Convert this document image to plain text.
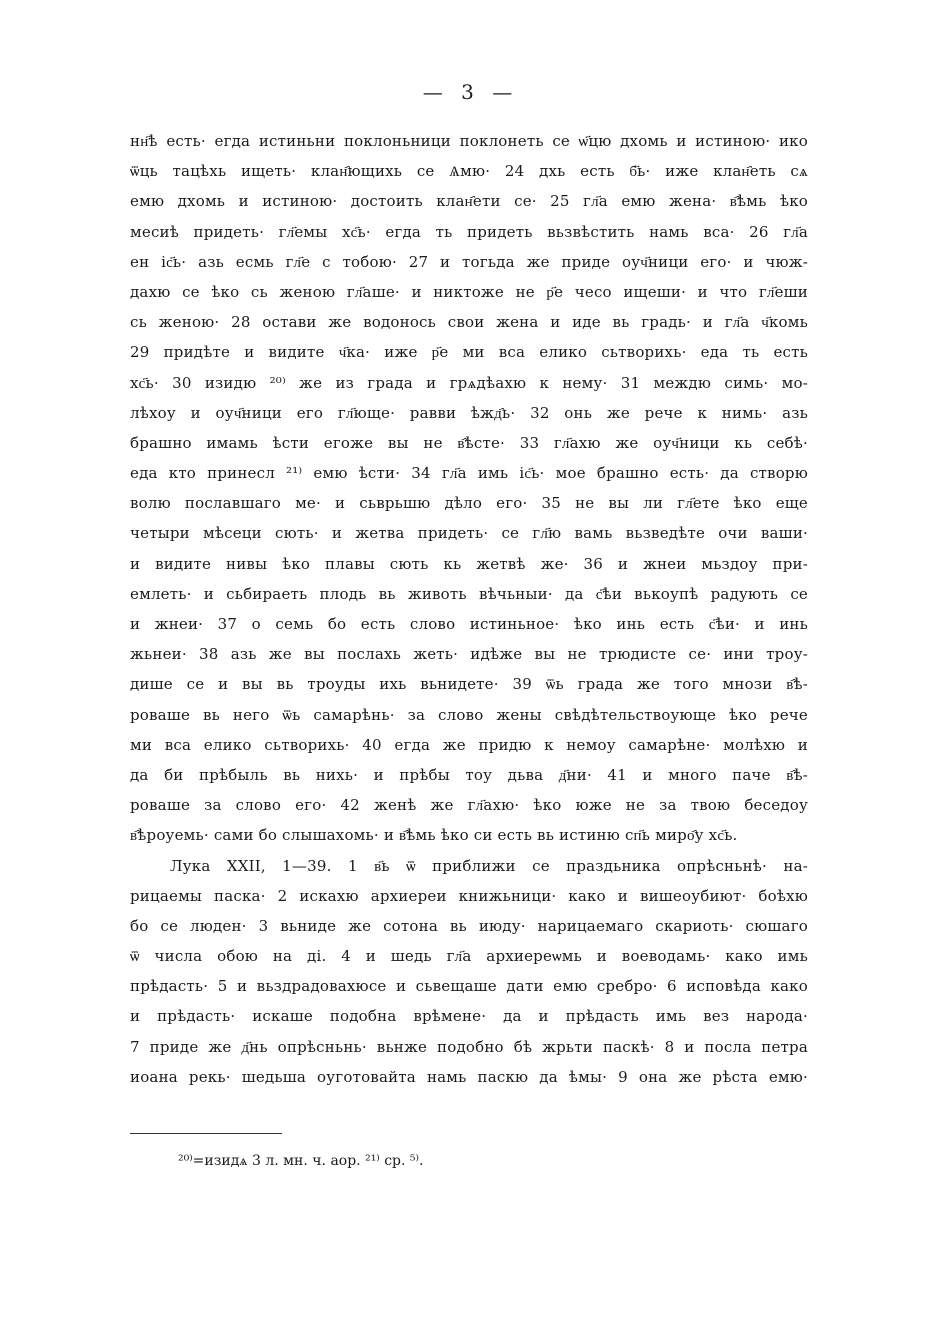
— 3 —
нн҃ѣ есть· егда истиньни поклоньници поклонеть се ѡ҃цю дхомь и истиною· ико
ѿць тацѣхь ищеть· клан҄ющихь се Ѧмю· 24 дхь есть б҃ь· иже клан҄еть сѧ
емю дхомь и истиною· достоить клан҄ети се· 25 гл҃а емю жена· в҄ѣмь ѣко
месиѣ придеть· гл҃емы хс҃ь· егда ть придеть вьзвѣстить намь вса· 26 гл҃а
ен іс҃ь· азь есмь гл҃е с тобою· 27 и тогьда же приде оуч҃ници его· и чюж-
дахю се ѣко сь женою гл҃аше· и никтоже не р҃е чесо ищеши· и что гл҃еши
сь женою· 28 остави же водонось свои жена и иде вь градь· и гл҃а ч҃комь
29 придѣте и видите ч҃ка· иже р҃е ми вса елико сьтворихь· еда ть есть
хс҃ь· 30 изидю ²⁰⁾ же из града и грѧдѣахю к нему· 31 междю симь· мо-
лѣхоу и оуч҃ници его гл҃юще· равви ѣжд҄ь· 32 онь же рече к нимь· азь
брашно имамь ѣсти егоже вы не в҄ѣсте· 33 гл҃ахю же оуч҃ници кь себѣ·
еда кто принесл ²¹⁾ емю ѣсти· 34 гл҃а имь іс҃ь· мое брашно есть· да створю
волю пославшаго ме· и сьврьшю дѣло его· 35 не вы ли гл҃ете ѣко еще
четыри мѣсеци сють· и жетва придеть· се гл҃ю вамь вьзведѣте очи ваши·
и видите нивы ѣко плавы сють кь жетвѣ же· 36 и жнеи мьздоу при-
емлеть· и сьбираеть плодь вь животь вѣчьныи· да с҃ѣи вькоупѣ радують се
и жнеи· 37 о семь бо есть слово истиньное· ѣко инь есть с҃ѣи· и инь
жьнеи· 38 азь же вы послахь жеть· идѣже вы не трюдисте се· ини троу-
дише се и вы вь троуды ихь вьнидете· 39 ѿь града же того мнози в҄ѣ-
роваше вь него ѿь самарѣнь· за слово жены свѣдѣтельствоующе ѣко рече
ми вса елико сьтворихь· 40 егда же придю к немоу самарѣне· молѣхю и
да би прѣбыль вь нихь· и прѣбы тоу дьва д҃ни· 41 и много паче в҄ѣ-
роваше за слово его· 42 женѣ же гл҃ахю· ѣко юже не за твою беседоу
в҄ѣроуемь· сами бо слышахомь· и в҄ѣмь ѣко си есть вь истиню сп҃ь миро҄у хс҃ь.
Лука XXII, 1—39. 1 в҃ь ѿ приближи се праздьника опрѣсньнѣ· на-
рицаемы паска· 2 искахю архиереи книжьници· како и вишеоубиют· боѣхю
бо се люден· 3 вьниде же сотона вь июду· нарицаемаго скариоть· сюшаго
ѿ числа обою на ді. 4 и шедь гл҃а архиереѡмь и воеводамь· како имь
прѣдасть· 5 и вьздрадовахюсе и сьвещаше дати емю сребро· 6 исповѣда како
и прѣдасть· искаше подобна врѣмене· да и прѣдасть имь вез народа·
7 приде же д҃нь опрѣсньнь· вьнже подобно бѣ жрьти паскѣ· 8 и посла петра
иоана рекь· шедьша оуготовайта намь паскю да ѣмы· 9 она же рѣста емю·
²⁰⁾=изидѧ 3 л. мн. ч. аор. ²¹⁾ ср. ⁵⁾.
